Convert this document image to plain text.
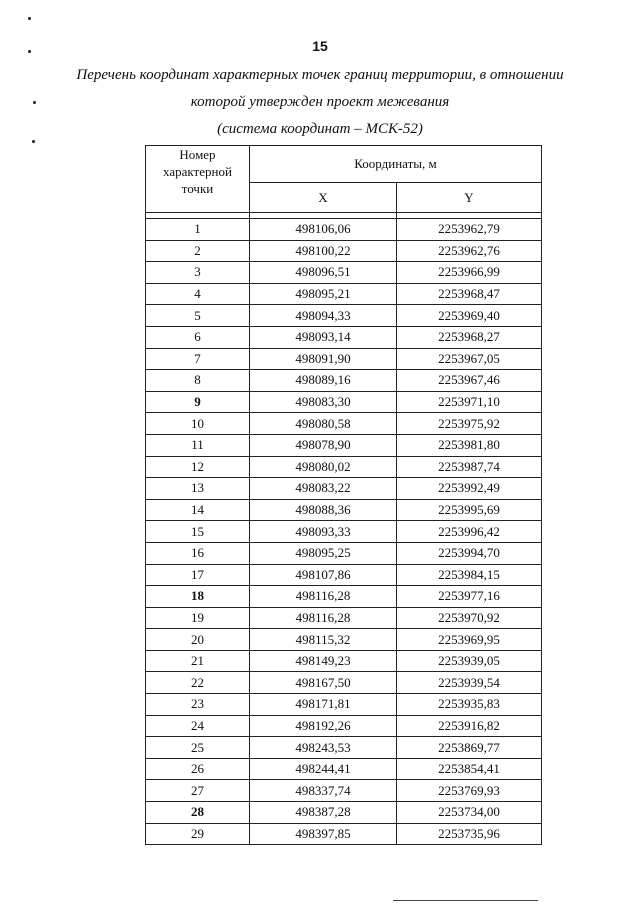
15
Перечень координат характерных точек границ территории, в отношении
которой утвержден проект межевания
(система координат – МСК-52)
Номер
характерной
точки	Координаты, м	
	X	Y

1	498106,06	2253962,79
2	498100,22	2253962,76
3	498096,51	2253966,99
4	498095,21	2253968,47
5	498094,33	2253969,40
6	498093,14	2253968,27
7	498091,90	2253967,05
8	498089,16	2253967,46
9	498083,30	2253971,10
10	498080,58	2253975,92
11	498078,90	2253981,80
12	498080,02	2253987,74
13	498083,22	2253992,49
14	498088,36	2253995,69
15	498093,33	2253996,42
16	498095,25	2253994,70
17	498107,86	2253984,15
18	498116,28	2253977,16
19	498116,28	2253970,92
20	498115,32	2253969,95
21	498149,23	2253939,05
22	498167,50	2253939,54
23	498171,81	2253935,83
24	498192,26	2253916,82
25	498243,53	2253869,77
26	498244,41	2253854,41
27	498337,74	2253769,93
28	498387,28	2253734,00
29	498397,85	2253735,96
